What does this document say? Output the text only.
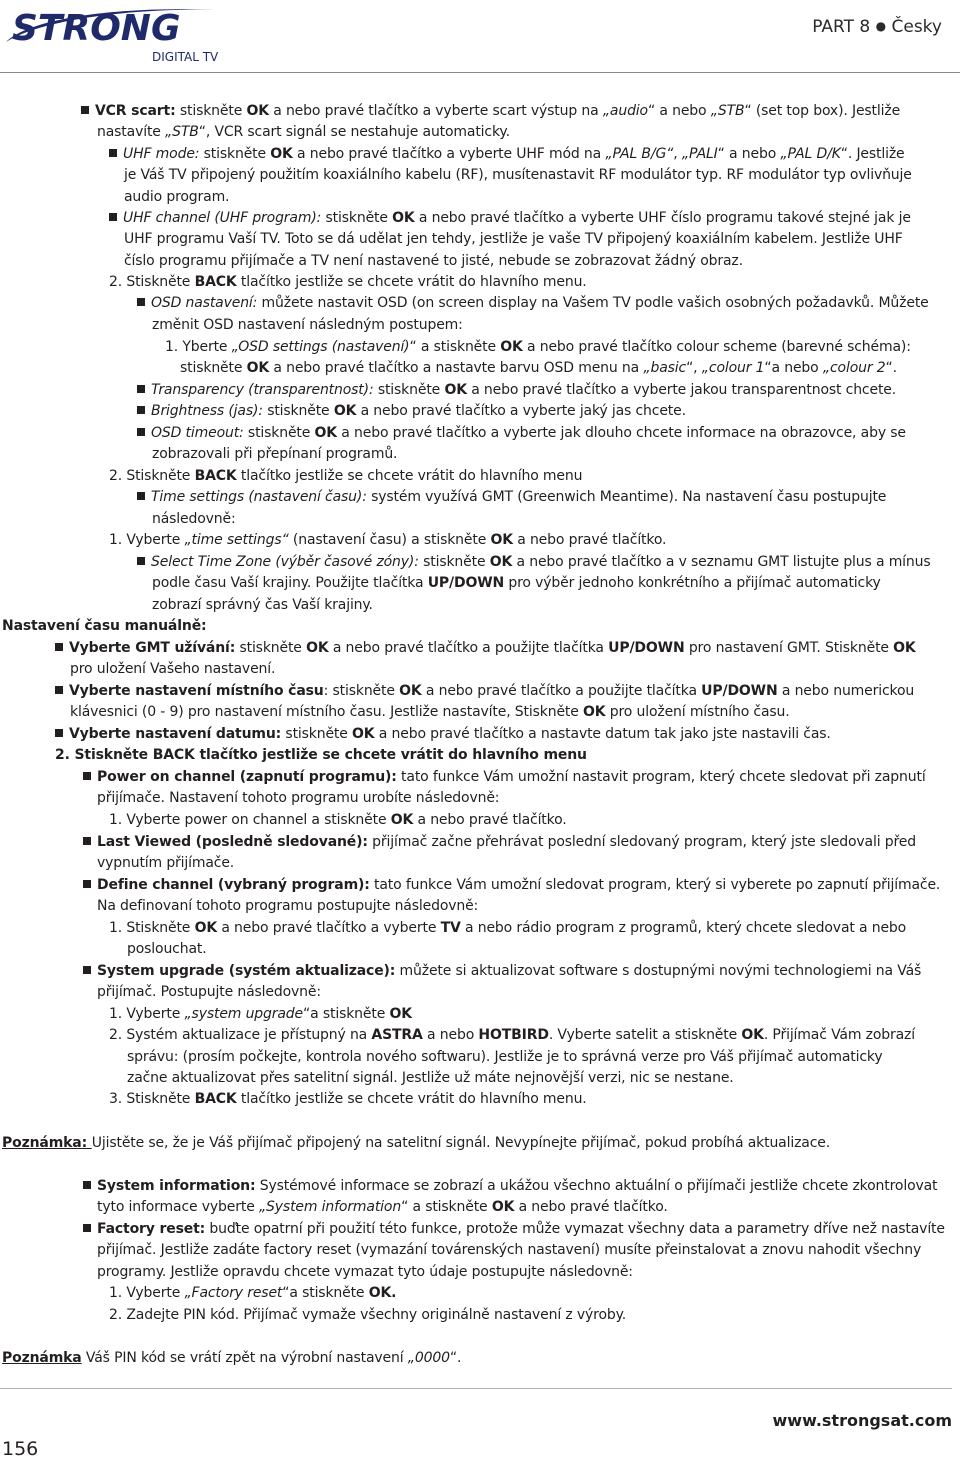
STRONG
DIGITAL TV
PART 8 ● Česky
VCR scart: stiskněte OK a nebo pravé tlačítko a vyberte scart výstup na „audio“ a nebo „STB“ (set top box). Jestliže
nastavíte „STB“, VCR scart signál se nestahuje automaticky.
UHF mode: stiskněte OK a nebo pravé tlačítko a vyberte UHF mód na „PAL B/G“, „PALI“ a nebo „PAL D/K“. Jestliže
je Váš TV připojený použitím koaxiálního kabelu (RF), musítenastavit RF modulátor typ. RF modulátor typ ovlivňuje
audio program.
UHF channel (UHF program): stiskněte OK a nebo pravé tlačítko a vyberte UHF číslo programu takové stejné jak je
UHF programu Vaší TV. Toto se dá udělat jen tehdy, jestliže je vaše TV připojený koaxiálním kabelem. Jestliže UHF
číslo programu přijímače a TV není nastavené to jisté, nebude se zobrazovat žádný obraz.
2. Stiskněte BACK tlačítko jestliže se chcete vrátit do hlavního menu.
OSD nastavení: můžete nastavit OSD (on screen display na Vašem TV podle vašich osobných požadavků. Můžete
změnit OSD nastavení následným postupem:
1. Yberte „OSD settings (nastavení)“ a stiskněte OK a nebo pravé tlačítko colour scheme (barevné schéma):
stiskněte OK a nebo pravé tlačítko a nastavte barvu OSD menu na „basic“, „colour 1“a nebo „colour 2“.
Transparency (transparentnost): stiskněte OK a nebo pravé tlačítko a vyberte jakou transparentnost chcete.
Brightness (jas): stiskněte OK a nebo pravé tlačítko a vyberte jaký jas chcete.
OSD timeout: stiskněte OK a nebo pravé tlačítko a vyberte jak dlouho chcete informace na obrazovce, aby se
zobrazovali při přepínaní programů.
2. Stiskněte BACK tlačítko jestliže se chcete vrátit do hlavního menu
Time settings (nastavení času): systém využívá GMT (Greenwich Meantime). Na nastavení času postupujte
následovně:
1. Vyberte „time settings“ (nastavení času) a stiskněte OK a nebo pravé tlačítko.
Select Time Zone (výběr časové zóny): stiskněte OK a nebo pravé tlačítko a v seznamu GMT listujte plus a mínus
podle času Vaší krajiny. Použijte tlačítka UP/DOWN pro výběr jednoho konkrétního a přijímač automaticky
zobrazí správný čas Vaší krajiny.
Nastavení času manuálně:
Vyberte GMT užívání: stiskněte OK a nebo pravé tlačítko a použijte tlačítka UP/DOWN pro nastavení GMT. Stiskněte OK
pro uložení Vašeho nastavení.
Vyberte nastavení místního času: stiskněte OK a nebo pravé tlačítko a použijte tlačítka UP/DOWN a nebo numerickou
klávesnici (0 - 9) pro nastavení místního času. Jestliže nastavíte, Stiskněte OK pro uložení místního času.
Vyberte nastavení datumu: stiskněte OK a nebo pravé tlačítko a nastavte datum tak jako jste nastavili čas.
2. Stiskněte BACK tlačítko jestliže se chcete vrátit do hlavního menu
Power on channel (zapnutí programu): tato funkce Vám umožní nastavit program, který chcete sledovat při zapnutí
přijímače. Nastavení tohoto programu urobíte následovně:
1. Vyberte power on channel a stiskněte OK a nebo pravé tlačítko.
Last Viewed (posledně sledované): přijímač začne přehrávat poslední sledovaný program, který jste sledovali před
vypnutím přijímače.
Define channel (vybraný program): tato funkce Vám umožní sledovat program, který si vyberete po zapnutí přijímače.
Na definovaní tohoto programu postupujte následovně:
1. Stiskněte OK a nebo pravé tlačítko a vyberte TV a nebo rádio program z programů, který chcete sledovat a nebo
poslouchat.
System upgrade (systém aktualizace): můžete si aktualizovat software s dostupnými novými technologiemi na Váš
přijímač. Postupujte následovně:
1. Vyberte „system upgrade“a stiskněte OK
2. Systém aktualizace je přístupný na ASTRA a nebo HOTBIRD. Vyberte satelit a stiskněte OK. Přijímač Vám zobrazí
správu: (prosím počkejte, kontrola nového softwaru). Jestliže je to správná verze pro Váš přijímač automaticky
začne aktualizovat přes satelitní signál. Jestliže už máte nejnovější verzi, nic se nestane.
3. Stiskněte BACK tlačítko jestliže se chcete vrátit do hlavního menu.
Poznámka: Ujistěte se, že je Váš přijímač připojený na satelitní signál. Nevypínejte přijímač, pokud probíhá aktualizace.
System information: Systémové informace se zobrazí a ukážou všechno aktuální o přijímači jestliže chcete zkontrolovat
tyto informace vyberte „System information“ a stiskněte OK a nebo pravé tlačítko.
Factory reset: buďte opatrní při použití této funkce, protože může vymazat všechny data a parametry dříve než nastavíte
přijímač. Jestliže zadáte factory reset (vymazání továrenských nastavení) musíte přeinstalovat a znovu nahodit všechny
programy. Jestliže opravdu chcete vymazat tyto údaje postupujte následovně:
1. Vyberte „Factory reset“a stiskněte OK.
2. Zadejte PIN kód. Přijímač vymaže všechny originálně nastavení z výroby.
Poznámka Váš PIN kód se vrátí zpět na výrobní nastavení „0000“.
www.strongsat.com
156
